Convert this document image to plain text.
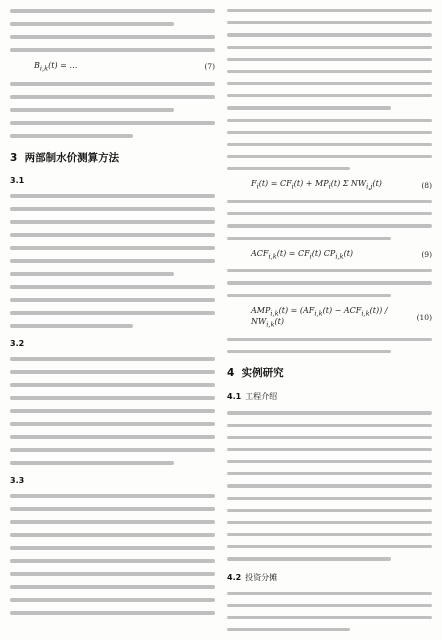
$B_{i,k}(t)$ = …	(7)
3 两部制水价测算方法
3.1
3.2
3.3
$F_i(t) = CF_i(t) + MP_i(t)$ Σ $NW_{i,j}(t)$	(8)
$ACF_{i,k}(t) = CF_i(t)$ $CP_{i,k}(t)$	(9)
$AMP_{i,k}(t) = (AF_{i,k}(t) - ACF_{i,k}(t)) / NW_{i,k}(t)$	(10)
4 实例研究
4.1 工程介绍
4.2 投资分摊
